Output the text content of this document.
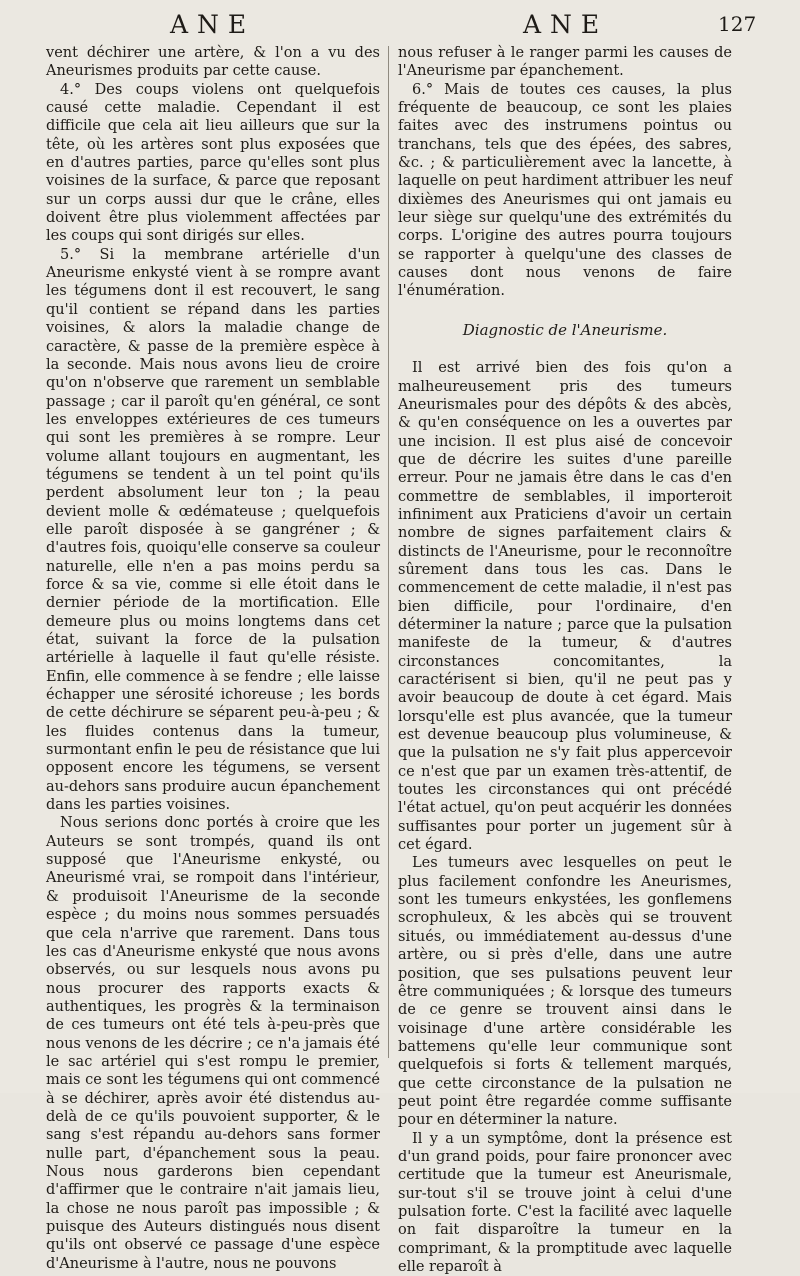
ANE	ANE	127

vent déchirer une artère, & l'on a vu des Aneurismes produits par cette cause.

4.° Des coups violens ont quelquefois causé cette maladie. Cependant il est difficile que cela ait lieu ailleurs que sur la tête, où les artères sont plus exposées que en d'autres parties, parce qu'elles sont plus voisines de la surface, & parce que reposant sur un corps aussi dur que le crâne, elles doivent être plus violemment affectées par les coups qui sont dirigés sur elles.

5.° Si la membrane artérielle d'un Aneurisme enkysté vient à se rompre avant les tégumens dont il est recouvert, le sang qu'il contient se répand dans les parties voisines, & alors la maladie change de caractère, & passe de la première espèce à la seconde. Mais nous avons lieu de croire qu'on n'observe que rarement un semblable passage ; car il paroît qu'en général, ce sont les enveloppes extérieures de ces tumeurs qui sont les premières à se rompre. Leur volume allant toujours en augmentant, les tégumens se tendent à un tel point qu'ils perdent absolument leur ton ; la peau devient molle & œdémateuse ; quelquefois elle paroît disposée à se gangréner ; & d'autres fois, quoiqu'elle conserve sa couleur naturelle, elle n'en a pas moins perdu sa force & sa vie, comme si elle étoit dans le dernier période de la mortification. Elle demeure plus ou moins longtems dans cet état, suivant la force de la pulsation artérielle à laquelle il faut qu'elle résiste. Enfin, elle commence à se fendre ; elle laisse échapper une sérosité ichoreuse ; les bords de cette déchirure se séparent peu-à-peu ; & les fluides contenus dans la tumeur, surmontant enfin le peu de résistance que lui opposent encore les tégumens, se versent au-dehors sans produire aucun épanchement dans les parties voisines.

Nous serions donc portés à croire que les Auteurs se sont trompés, quand ils ont supposé que l'Aneurisme enkysté, ou Aneurismé vrai, se rompoit dans l'intérieur, & produisoit l'Aneurisme de la seconde espèce ; du moins nous sommes persuadés que cela n'arrive que rarement. Dans tous les cas d'Aneurisme enkysté que nous avons observés, ou sur lesquels nous avons pu nous procurer des rapports exacts & authentiques, les progrès & la terminaison de ces tumeurs ont été tels à-peu-près que nous venons de les décrire ; ce n'a jamais été le sac artériel qui s'est rompu le premier, mais ce sont les tégumens qui ont commencé à se déchirer, après avoir été distendus au-delà de ce qu'ils pouvoient supporter, & le sang s'est répandu au-dehors sans former nulle part, d'épanchement sous la peau. Nous nous garderons bien cependant d'affirmer que le contraire n'ait jamais lieu, la chose ne nous paroît pas impossible ; & puisque des Auteurs distingués nous disent qu'ils ont observé ce passage d'une espèce d'Aneurisme à l'autre, nous ne pouvons

nous refuser à le ranger parmi les causes de l'Aneurisme par épanchement.

6.° Mais de toutes ces causes, la plus fréquente de beaucoup, ce sont les plaies faites avec des instrumens pointus ou tranchans, tels que des épées, des sabres, &c. ; & particulièrement avec la lancette, à laquelle on peut hardiment attribuer les neuf dixièmes des Aneurismes qui ont jamais eu leur siège sur quelqu'une des extrémités du corps. L'origine des autres pourra toujours se rapporter à quelqu'une des classes de causes dont nous venons de faire l'énumération.

Diagnostic de l'Aneurisme.

Il est arrivé bien des fois qu'on a malheureusement pris des tumeurs Aneurismales pour des dépôts & des abcès, & qu'en conséquence on les a ouvertes par une incision. Il est plus aisé de concevoir que de décrire les suites d'une pareille erreur. Pour ne jamais être dans le cas d'en commettre de semblables, il importeroit infiniment aux Praticiens d'avoir un certain nombre de signes parfaitement clairs & distincts de l'Aneurisme, pour le reconnoître sûrement dans tous les cas. Dans le commencement de cette maladie, il n'est pas bien difficile, pour l'ordinaire, d'en déterminer la nature ; parce que la pulsation manifeste de la tumeur, & d'autres circonstances concomitantes, la caractérisent si bien, qu'il ne peut pas y avoir beaucoup de doute à cet égard. Mais lorsqu'elle est plus avancée, que la tumeur est devenue beaucoup plus volumineuse, & que la pulsation ne s'y fait plus appercevoir ce n'est que par un examen très-attentif, de toutes les circonstances qui ont précédé l'état actuel, qu'on peut acquérir les données suffisantes pour porter un jugement sûr à cet égard.

Les tumeurs avec lesquelles on peut le plus facilement confondre les Aneurismes, sont les tumeurs enkystées, les gonflemens scrophuleux, & les abcès qui se trouvent situés, ou immédiatement au-dessus d'une artère, ou si près d'elle, dans une autre position, que ses pulsations peuvent leur être communiquées ; & lorsque des tumeurs de ce genre se trouvent ainsi dans le voisinage d'une artère considérable les battemens qu'elle leur communique sont quelquefois si forts & tellement marqués, que cette circonstance de la pulsation ne peut point être regardée comme suffisante pour en déterminer la nature.

Il y a un symptôme, dont la présence est d'un grand poids, pour faire prononcer avec certitude que la tumeur est Aneurismale, sur-tout s'il se trouve joint à celui d'une pulsation forte. C'est la facilité avec laquelle on fait disparoître la tumeur en la comprimant, & la promptitude avec laquelle elle reparoît à
